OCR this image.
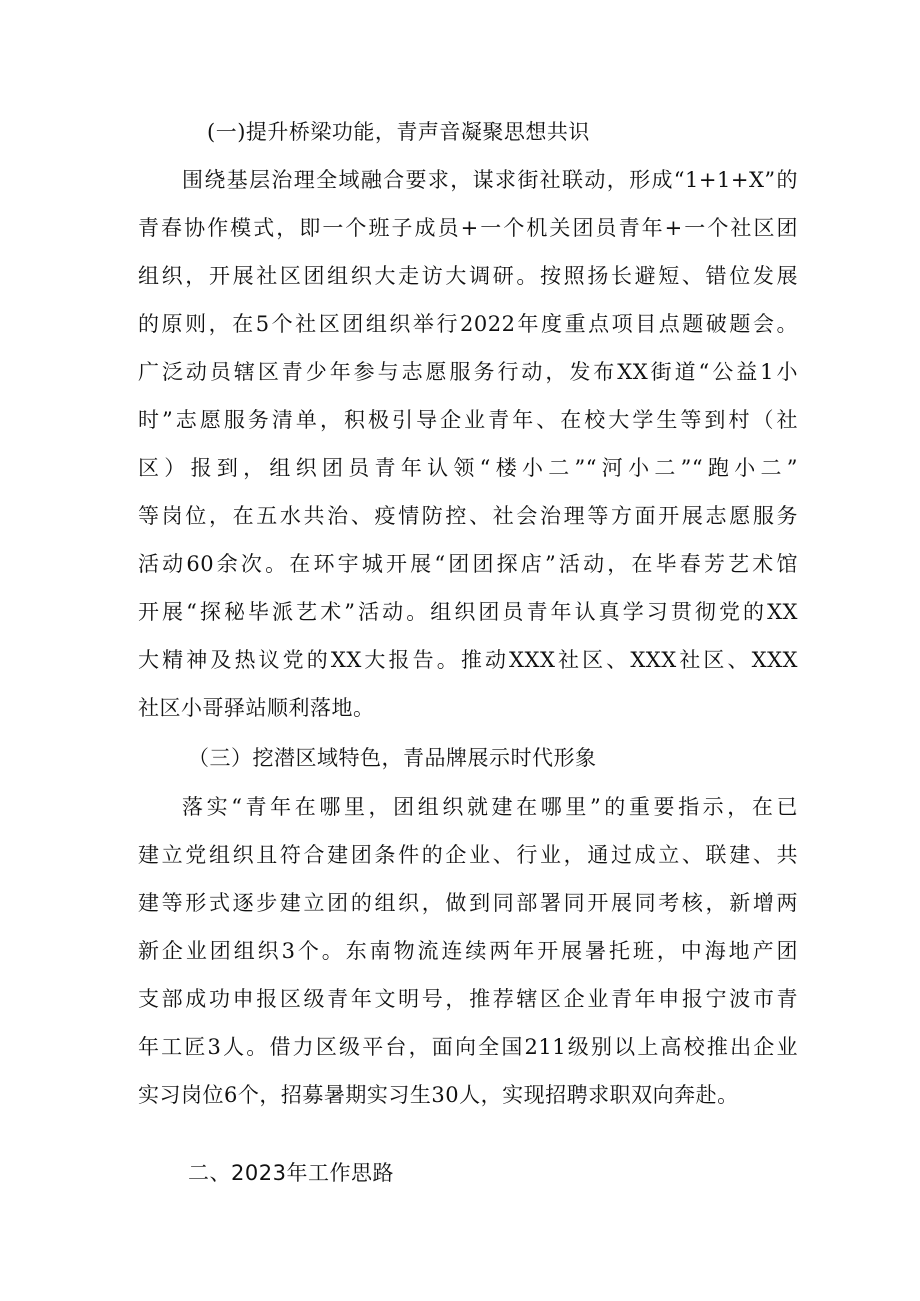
(一)提升桥梁功能，青声音凝聚思想共识
围绕基层治理全域融合要求，谋求街社联动，形成“1+1+X”的
青春协作模式，即一个班子成员+一个机关团员青年+一个社区团
组织，开展社区团组织大走访大调研。按照扬长避短、错位发展
的原则，在5个社区团组织举行2022年度重点项目点题破题会。
广泛动员辖区青少年参与志愿服务行动，发布XX街道“公益1小
时”志愿服务清单，积极引导企业青年、在校大学生等到村（社
区）报到，组织团员青年认领“楼小二”“河小二”“跑小二”
等岗位，在五水共治、疫情防控、社会治理等方面开展志愿服务
活动60余次。在环宇城开展“团团探店”活动，在毕春芳艺术馆
开展“探秘毕派艺术”活动。组织团员青年认真学习贯彻党的XX
大精神及热议党的XX大报告。推动XXX社区、XXX社区、XXX
社区小哥驿站顺利落地。
（三）挖潜区域特色，青品牌展示时代形象
落实“青年在哪里，团组织就建在哪里”的重要指示，在已
建立党组织且符合建团条件的企业、行业，通过成立、联建、共
建等形式逐步建立团的组织，做到同部署同开展同考核，新增两
新企业团组织3个。东南物流连续两年开展暑托班，中海地产团
支部成功申报区级青年文明号，推荐辖区企业青年申报宁波市青
年工匠3人。借力区级平台，面向全国211级别以上高校推出企业
实习岗位6个，招募暑期实习生30人，实现招聘求职双向奔赴。
二、2023年工作思路
